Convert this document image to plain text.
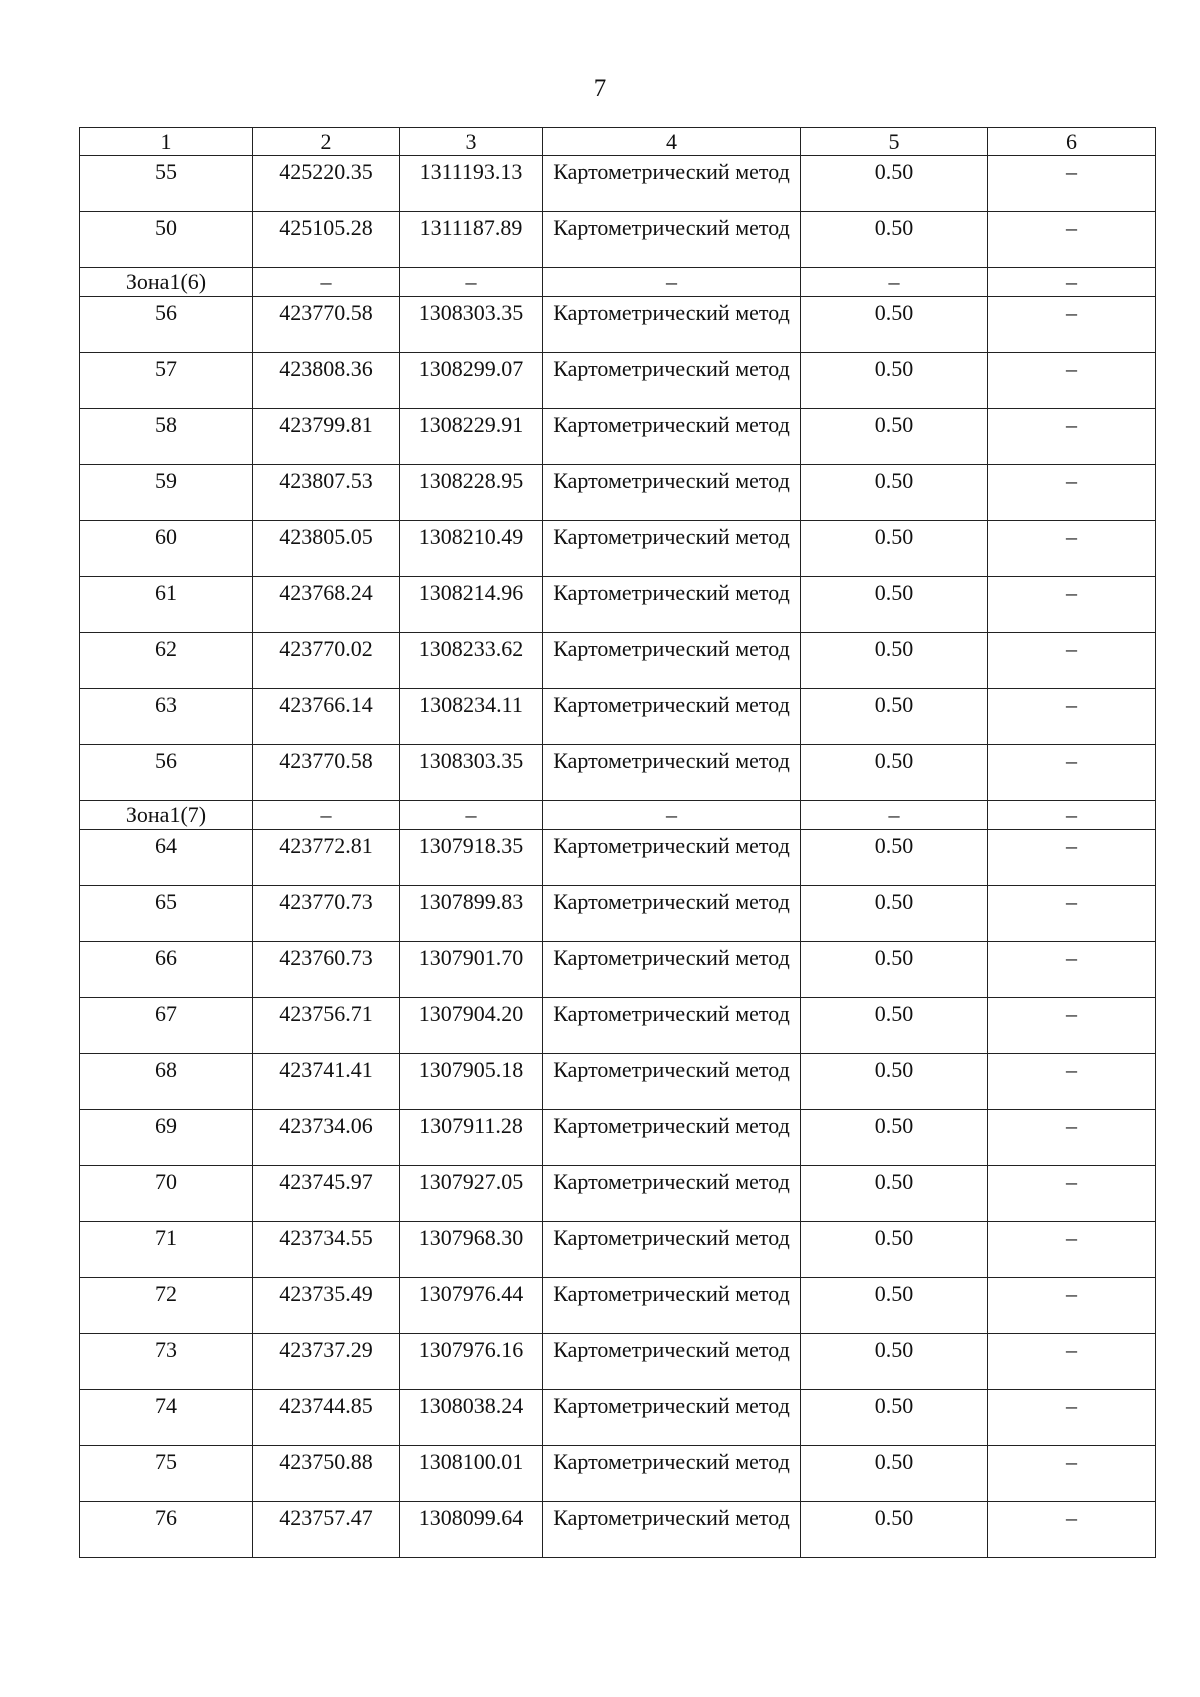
7
1	2	3	4	5	6
55	425220.35	1311193.13	Картометрический метод	0.50	–
50	425105.28	1311187.89	Картометрический метод	0.50	–
Зона1(6)	–	–	–	–	–
56	423770.58	1308303.35	Картометрический метод	0.50	–
57	423808.36	1308299.07	Картометрический метод	0.50	–
58	423799.81	1308229.91	Картометрический метод	0.50	–
59	423807.53	1308228.95	Картометрический метод	0.50	–
60	423805.05	1308210.49	Картометрический метод	0.50	–
61	423768.24	1308214.96	Картометрический метод	0.50	–
62	423770.02	1308233.62	Картометрический метод	0.50	–
63	423766.14	1308234.11	Картометрический метод	0.50	–
56	423770.58	1308303.35	Картометрический метод	0.50	–
Зона1(7)	–	–	–	–	–
64	423772.81	1307918.35	Картометрический метод	0.50	–
65	423770.73	1307899.83	Картометрический метод	0.50	–
66	423760.73	1307901.70	Картометрический метод	0.50	–
67	423756.71	1307904.20	Картометрический метод	0.50	–
68	423741.41	1307905.18	Картометрический метод	0.50	–
69	423734.06	1307911.28	Картометрический метод	0.50	–
70	423745.97	1307927.05	Картометрический метод	0.50	–
71	423734.55	1307968.30	Картометрический метод	0.50	–
72	423735.49	1307976.44	Картометрический метод	0.50	–
73	423737.29	1307976.16	Картометрический метод	0.50	–
74	423744.85	1308038.24	Картометрический метод	0.50	–
75	423750.88	1308100.01	Картометрический метод	0.50	–
76	423757.47	1308099.64	Картометрический метод	0.50	–
